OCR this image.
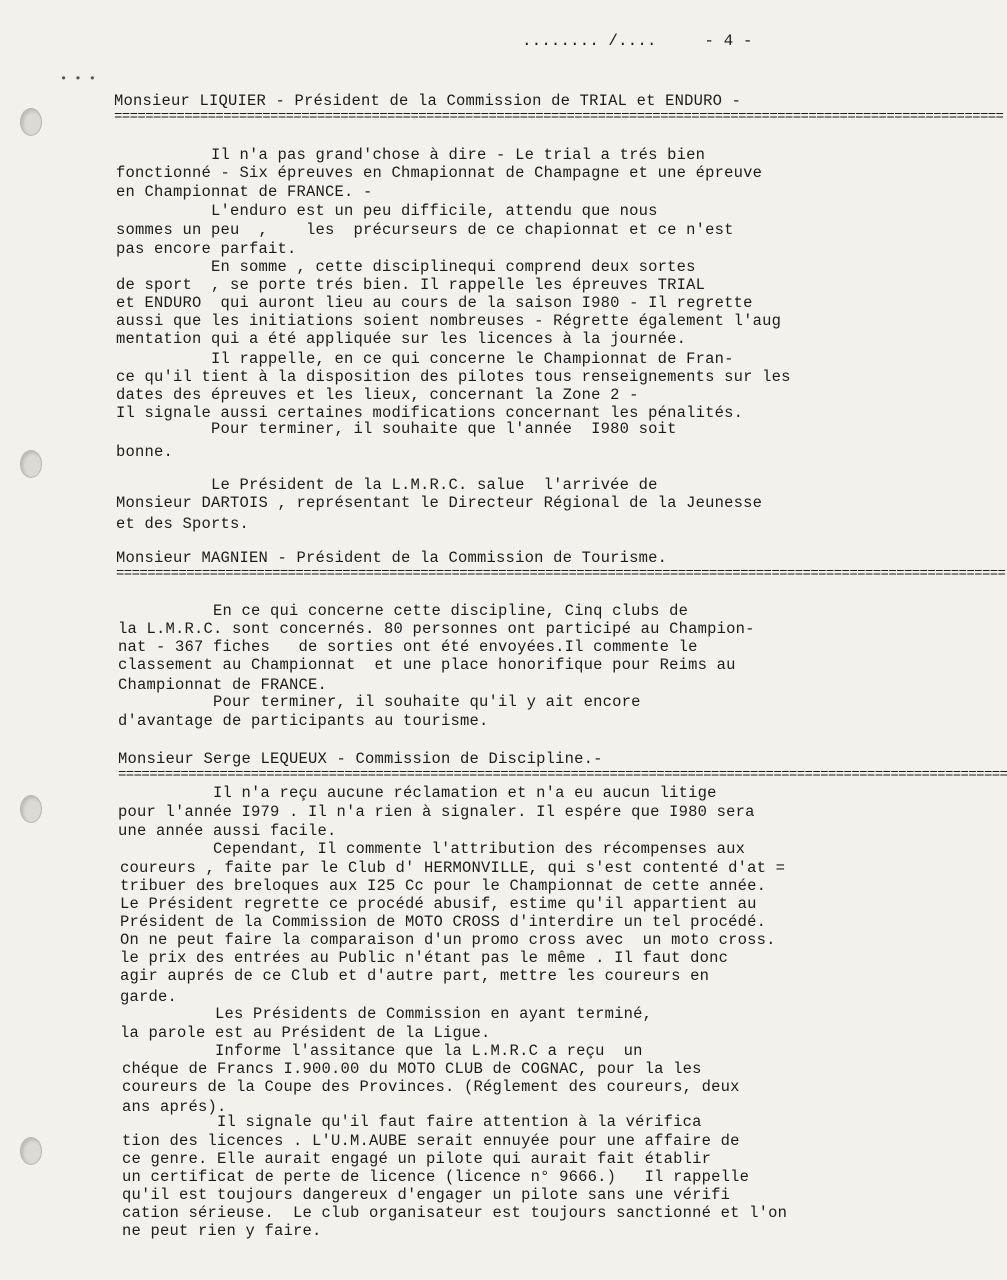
• • •
........ /....     - 4 -
Monsieur LIQUIER - Président de la Commission de TRIAL et ENDURO -
==================================================================================================================
Il n'a pas grand'chose à dire - Le trial a trés bien
fonctionné - Six épreuves en Chmapionnat de Champagne et une épreuve
en Championnat de FRANCE. -
L'enduro est un peu difficile, attendu que nous
sommes un peu  ,    les  précurseurs de ce chapionnat et ce n'est
pas encore parfait.
En somme , cette disciplinequi comprend deux sortes
de sport  , se porte trés bien. Il rappelle les épreuves TRIAL
et ENDURO  qui auront lieu au cours de la saison I980 - Il regrette
aussi que les initiations soient nombreuses - Régrette également l'aug
mentation qui a été appliquée sur les licences à la journée.
Il rappelle, en ce qui concerne le Championnat de Fran-
ce qu'il tient à la disposition des pilotes tous renseignements sur les
dates des épreuves et les lieux, concernant la Zone 2 -
Il signale aussi certaines modifications concernant les pénalités.
Pour terminer, il souhaite que l'année  I980 soit
bonne.
Le Président de la L.M.R.C. salue  l'arrivée de
Monsieur DARTOIS , représentant le Directeur Régional de la Jeunesse
et des Sports.
Monsieur MAGNIEN - Président de la Commission de Tourisme.
==================================================================================================================
En ce qui concerne cette discipline, Cinq clubs de
la L.M.R.C. sont concernés. 80 personnes ont participé au Champion-
nat - 367 fiches   de sorties ont été envoyées.Il commente le
classement au Championnat  et une place honorifique pour Reims au
Championnat de FRANCE.
Pour terminer, il souhaite qu'il y ait encore
d'avantage de participants au tourisme.
Monsieur Serge LEQUEUX - Commission de Discipline.-
==================================================================================================================
Il n'a reçu aucune réclamation et n'a eu aucun litige
pour l'année I979 . Il n'a rien à signaler. Il espére que I980 sera
une année aussi facile.
Cependant, Il commente l'attribution des récompenses aux
coureurs , faite par le Club d' HERMONVILLE, qui s'est contenté d'at =
tribuer des breloques aux I25 Cc pour le Championnat de cette année.
Le Président regrette ce procédé abusif, estime qu'il appartient au
Président de la Commission de MOTO CROSS d'interdire un tel procédé.
On ne peut faire la comparaison d'un promo cross avec  un moto cross.
le prix des entrées au Public n'étant pas le même . Il faut donc
agir auprés de ce Club et d'autre part, mettre les coureurs en
garde.
Les Présidents de Commission en ayant terminé,
la parole est au Président de la Ligue.
Informe l'assitance que la L.M.R.C a reçu  un
chéque de Francs I.900.00 du MOTO CLUB de COGNAC, pour la les
coureurs de la Coupe des Provinces. (Réglement des coureurs, deux
ans aprés).
Il signale qu'il faut faire attention à la vérifica
tion des licences . L'U.M.AUBE serait ennuyée pour une affaire de
ce genre. Elle aurait engagé un pilote qui aurait fait établir
un certificat de perte de licence (licence n° 9666.)   Il rappelle
qu'il est toujours dangereux d'engager un pilote sans une vérifi
cation sérieuse.  Le club organisateur est toujours sanctionné et l'on
ne peut rien y faire.
